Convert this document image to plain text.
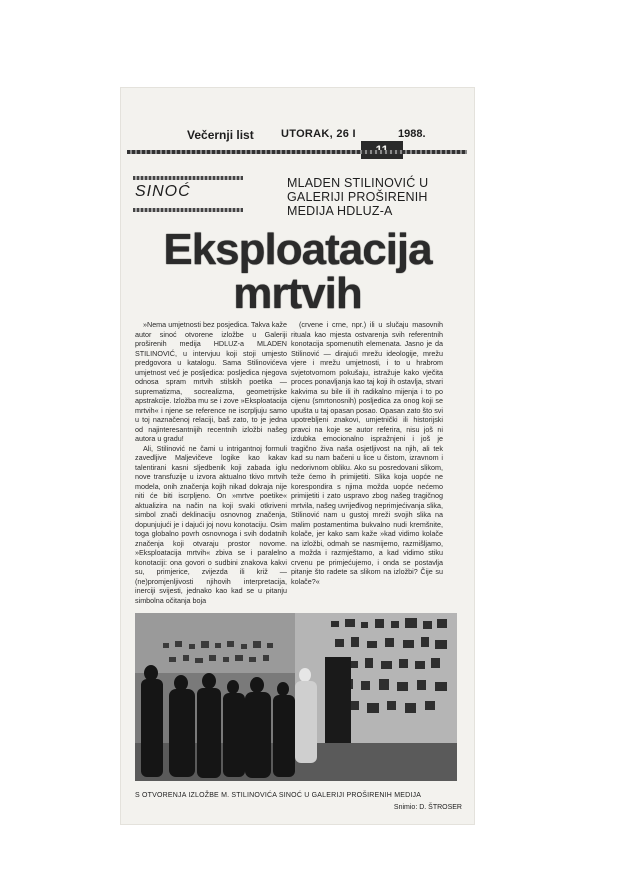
Večernji list UTORAK, 26 I	1988.
SINOĆ	MLADEN STILINOVIĆ U GALERIJI PROŠIRENIH MEDIJA HDLUZ-A
Eksploatacija
mrtvih

»Nema umjetnosti bez posjedica. Takva kaže autor sinoć otvorene izložbe u Galeriji proširenih medija HDLUZ-a MLADEN STILINOVIĆ, u intervjuu koji stoji umjesto predgovora u katalogu. Sama Stilinovićeva umjetnost već je posljedica: posljedica njegova odnosa spram mrtvih stilskih poetika — suprematizma, socrealizma, geometrijske apstrakcije. Izložba mu se i zove »Eksploatacija mrtvih« i njene se reference ne iscrpljuju samo u toj naznačenoj relaciji, baš zato, to je jedna od najinteresantnijih recentnih izložbi našeg autora u gradu!

Ali, Stilinović ne čami u intrigantnoj formuli zavedljive Maljevičeve logike kao kakav talentirani kasni sljedbenik koji zabada iglu nove transfuzije u izvora aktualno tkivo mrtvih modela, onih značenja kojih nikad dokraja nije niti će biti iscrpljeno. On »mrtve poetike« aktualizira na način na koji svaki otkriveni simbol znači deklinaciju osnovnog značenja, dopunjujući je i dajući joj novu konotaciju. Osim toga globalno povrh osnovnoga i svih dodatnih značenja koji otvaraju prostor novome. »Eksploatacija mrtvih« zbiva se i paralelno konotaciji: ona govori o sudbini znakova kakvi su, primjerice, zvijezda ili križ — (ne)promjenljivosti njihovih interpretacija, inerciji svijesti, jednako kao kad se u pitanju simbolna očitanja boja

(crvene i crne, npr.) ili u slučaju masovnih rituala kao mjesta ostvarenja svih referentnih konotacija spomenutih elemenata. Jasno je da Stilinović — dirajući mrežu ideologije, mrežu vjere i mrežu umjetnosti, i to u hrabrom svjetotvornom pokušaju, istražuje kako vječita proces ponavljanja kao taj koji ih ostavlja, stvari kakvima su bile ili ih radikalno mijenja i to po cijenu (smrtonosnih) posljedica za onog koji se upušta u taj opasan posao. Opasan zato što svi upotrebljeni znakovi, umjetnički ili historijski pravci na koje se autor referira, nisu još ni izdubka emocionalno ispražnjeni i još je tragično živa naša osjetljivost na njih, ali tek kad su nam bačeni u lice u čistom, izravnom i nedorivnom obliku. Ako su posredovani slikom, teže ćemo ih primijetiti. Slika koja uopće ne korespondira s njima možda uopće nećemo primijetiti i zato uspravo zbog našeg tragičnog mrtvila, našeg uvrijeđivog neprimjećivanja slika, Stilinović nam u gustoj mreži svojih slika na malim postamentima bukvalno nudi kremšnite, kolače, jer kako sam kaže »kad vidimo kolače na izložbi, odmah se nasmijemo, razmišljamo, a možda i razmještamo, a kad vidimo stiku crvenu pe primjećujemo, i onda se postavlja pitanje što radete sa slikom na izložbi? Čije su kolače?«

S OTVORENJA IZLOŽBE M. STILINOVIĆA SINOĆ U GALERIJI PROŠIRENIH MEDIJA
Snimio: D. ŠTROSER
